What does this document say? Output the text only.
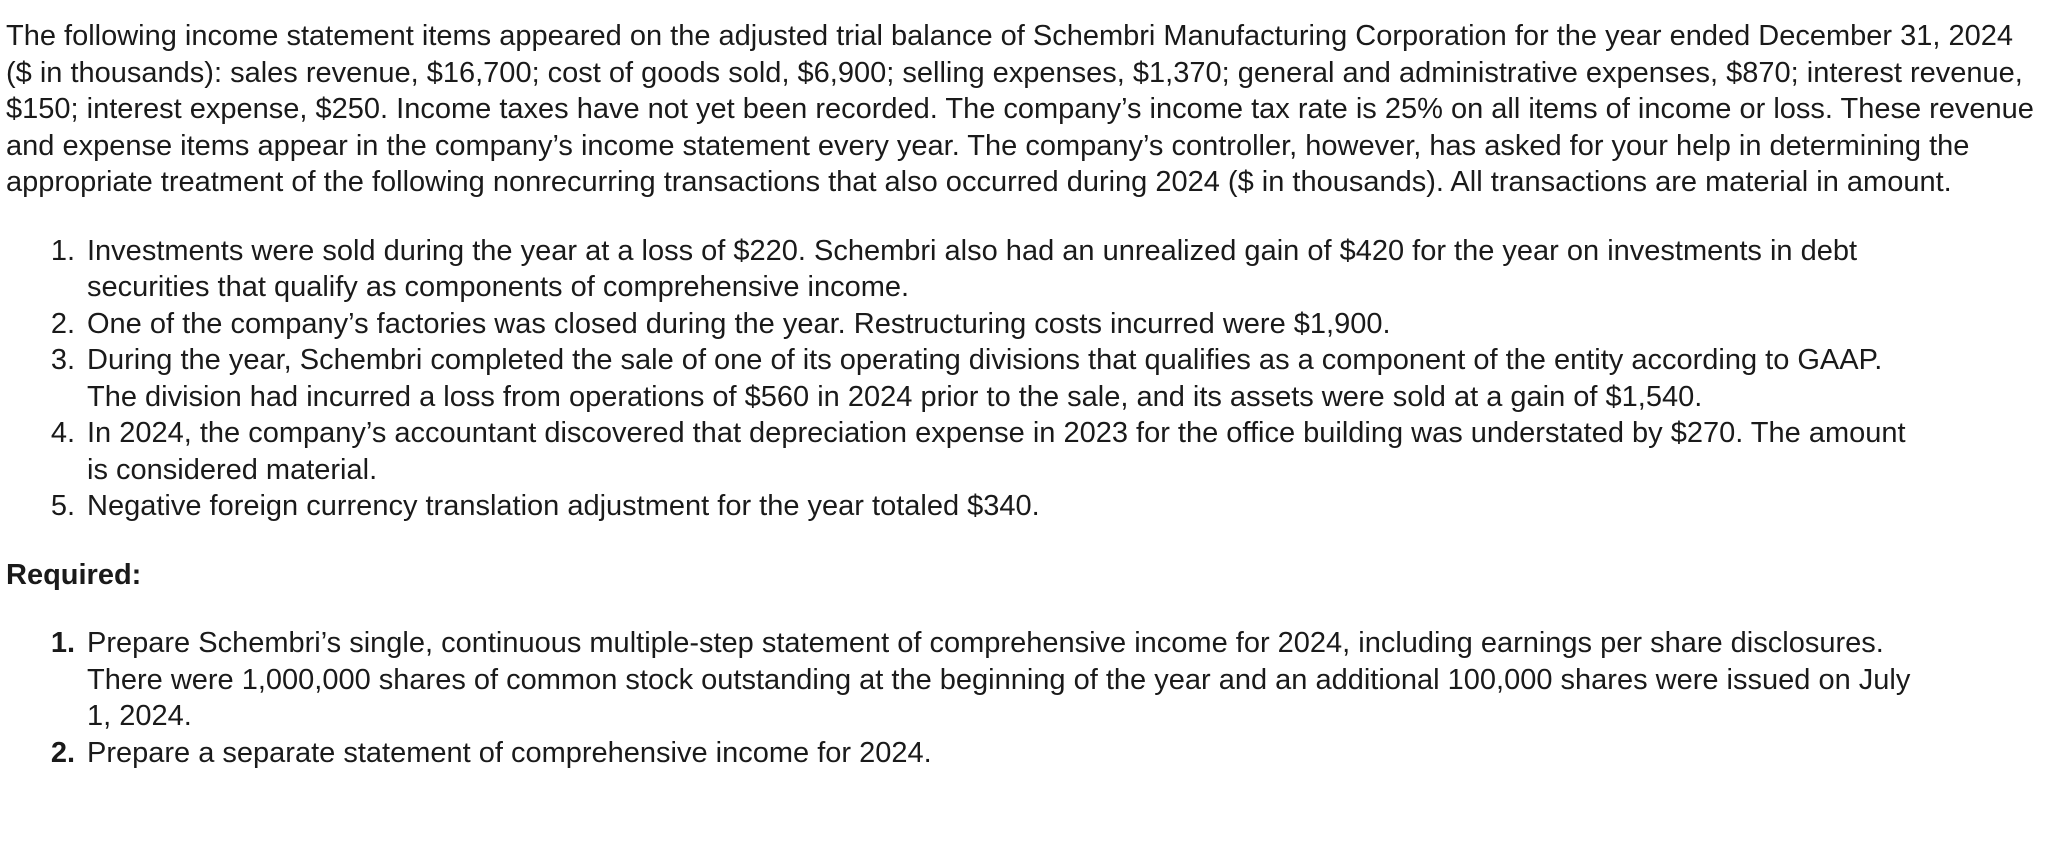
The following income statement items appeared on the adjusted trial balance of Schembri Manufacturing Corporation for the year ended December 31, 2024 ($ in thousands): sales revenue, $16,700; cost of goods sold, $6,900; selling expenses, $1,370; general and administrative expenses, $870; interest revenue, $150; interest expense, $250. Income taxes have not yet been recorded. The company’s income tax rate is 25% on all items of income or loss. These revenue and expense items appear in the company’s income statement every year. The company’s controller, however, has asked for your help in determining the appropriate treatment of the following nonrecurring transactions that also occurred during 2024 ($ in thousands). All transactions are material in amount.

1. Investments were sold during the year at a loss of $220. Schembri also had an unrealized gain of $420 for the year on investments in debt securities that qualify as components of comprehensive income.
2. One of the company’s factories was closed during the year. Restructuring costs incurred were $1,900.
3. During the year, Schembri completed the sale of one of its operating divisions that qualifies as a component of the entity according to GAAP. The division had incurred a loss from operations of $560 in 2024 prior to the sale, and its assets were sold at a gain of $1,540.
4. In 2024, the company’s accountant discovered that depreciation expense in 2023 for the office building was understated by $270. The amount is considered material.
5. Negative foreign currency translation adjustment for the year totaled $340.

Required:

1. Prepare Schembri’s single, continuous multiple-step statement of comprehensive income for 2024, including earnings per share disclosures. There were 1,000,000 shares of common stock outstanding at the beginning of the year and an additional 100,000 shares were issued on July 1, 2024.
2. Prepare a separate statement of comprehensive income for 2024.
